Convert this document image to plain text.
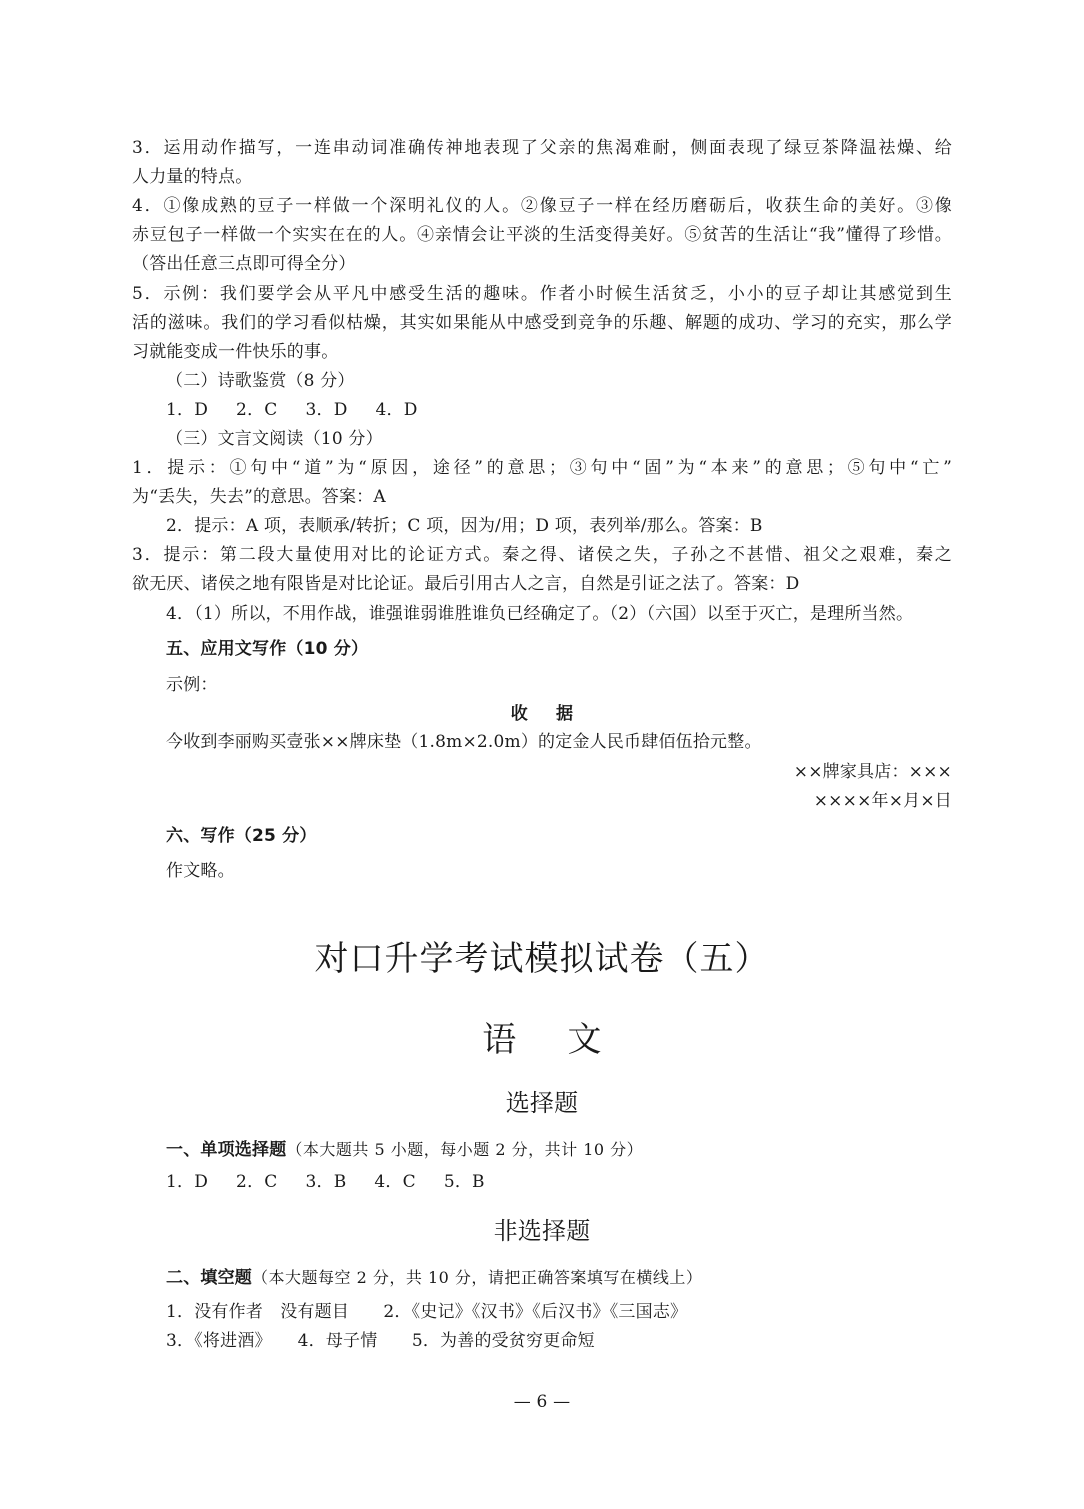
3．运用动作描写，一连串动词准确传神地表现了父亲的焦渴难耐，侧面表现了绿豆茶降温祛燥、给
人力量的特点。
4．①像成熟的豆子一样做一个深明礼仪的人。②像豆子一样在经历磨砺后，收获生命的美好。③像
赤豆包子一样做一个实实在在的人。④亲情会让平淡的生活变得美好。⑤贫苦的生活让“我”懂得了珍惜。
（答出任意三点即可得全分）
5．示例：我们要学会从平凡中感受生活的趣味。作者小时候生活贫乏，小小的豆子却让其感觉到生
活的滋味。我们的学习看似枯燥，其实如果能从中感受到竞争的乐趣、解题的成功、学习的充实，那么学
习就能变成一件快乐的事。
（二）诗歌鉴赏（8 分）
1．D 2．C 3．D 4．D
（三）文言文阅读（10 分）
1．提示：①句中“道”为“原因，途径”的意思；③句中“固”为“本来”的意思；⑤句中“亡”
为“丢失，失去”的意思。答案：A
2．提示：A 项，表顺承/转折；C 项，因为/用；D 项，表列举/那么。答案：B
3．提示：第二段大量使用对比的论证方式。秦之得、诸侯之失，子孙之不甚惜、祖父之艰难，秦之
欲无厌、诸侯之地有限皆是对比论证。最后引用古人之言，自然是引证之法了。答案：D
4．（1）所以，不用作战，谁强谁弱谁胜谁负已经确定了。（2）（六国）以至于灭亡，是理所当然。
五、应用文写作（10 分）
示例：
收 据
今收到李丽购买壹张××牌床垫（1.8m×2.0m）的定金人民币肆佰伍拾元整。
××牌家具店：×××
××××年×月×日
六、写作（25 分）
作文略。
对口升学考试模拟试卷（五）
语 文
选择题
一、单项选择题（本大题共 5 小题，每小题 2 分，共计 10 分）
1．D 2．C 3．B 4．C 5．B
非选择题
二、填空题（本大题每空 2 分，共 10 分，请把正确答案填写在横线上）
1．没有作者　没有题目　　2．《史记》《汉书》《后汉书》《三国志》
3．《将进酒》　　4．母子情　　5．为善的受贫穷更命短
— 6 —
